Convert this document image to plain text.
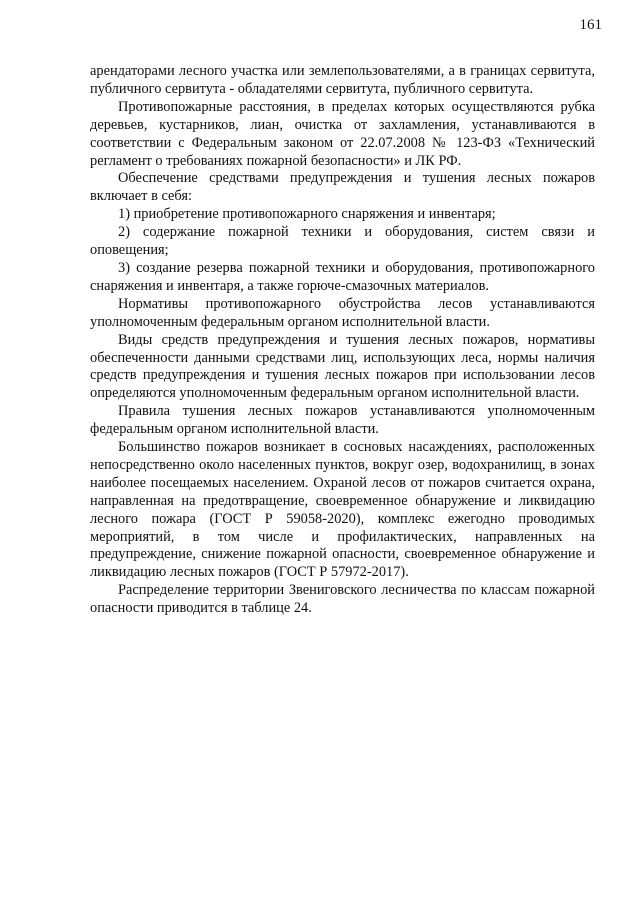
161

арендаторами лесного участка или землепользователями, а в границах сервитута, публичного сервитута - обладателями сервитута, публичного сервитута.

Противопожарные расстояния, в пределах которых осуществляются рубка деревьев, кустарников, лиан, очистка от захламления, устанавливаются в соответствии с Федеральным законом от 22.07.2008 № 123-ФЗ «Технический регламент о требованиях пожарной безопасности» и ЛК РФ.

Обеспечение средствами предупреждения и тушения лесных пожаров включает в себя:

1) приобретение противопожарного снаряжения и инвентаря;

2) содержание пожарной техники и оборудования, систем связи и оповещения;

3) создание резерва пожарной техники и оборудования, противопожарного снаряжения и инвентаря, а также горюче-смазочных материалов.

Нормативы противопожарного обустройства лесов устанавливаются уполномоченным федеральным органом исполнительной власти.

Виды средств предупреждения и тушения лесных пожаров, нормативы обеспеченности данными средствами лиц, использующих леса, нормы наличия средств предупреждения и тушения лесных пожаров при использовании лесов определяются уполномоченным федеральным органом исполнительной власти.

Правила тушения лесных пожаров устанавливаются уполномоченным федеральным органом исполнительной власти.

Большинство пожаров возникает в сосновых насаждениях, расположенных непосредственно около населенных пунктов, вокруг озер, водохранилищ, в зонах наиболее посещаемых населением. Охраной лесов от пожаров считается охрана, направленная на предотвращение, своевременное обнаружение и ликвидацию лесного пожара (ГОСТ Р 59058-2020), комплекс ежегодно проводимых мероприятий, в том числе и профилактических, направленных на предупреждение, снижение пожарной опасности, своевременное обнаружение и ликвидацию лесных пожаров (ГОСТ Р 57972-2017).

Распределение территории Звениговского лесничества по классам пожарной опасности приводится в таблице 24.
